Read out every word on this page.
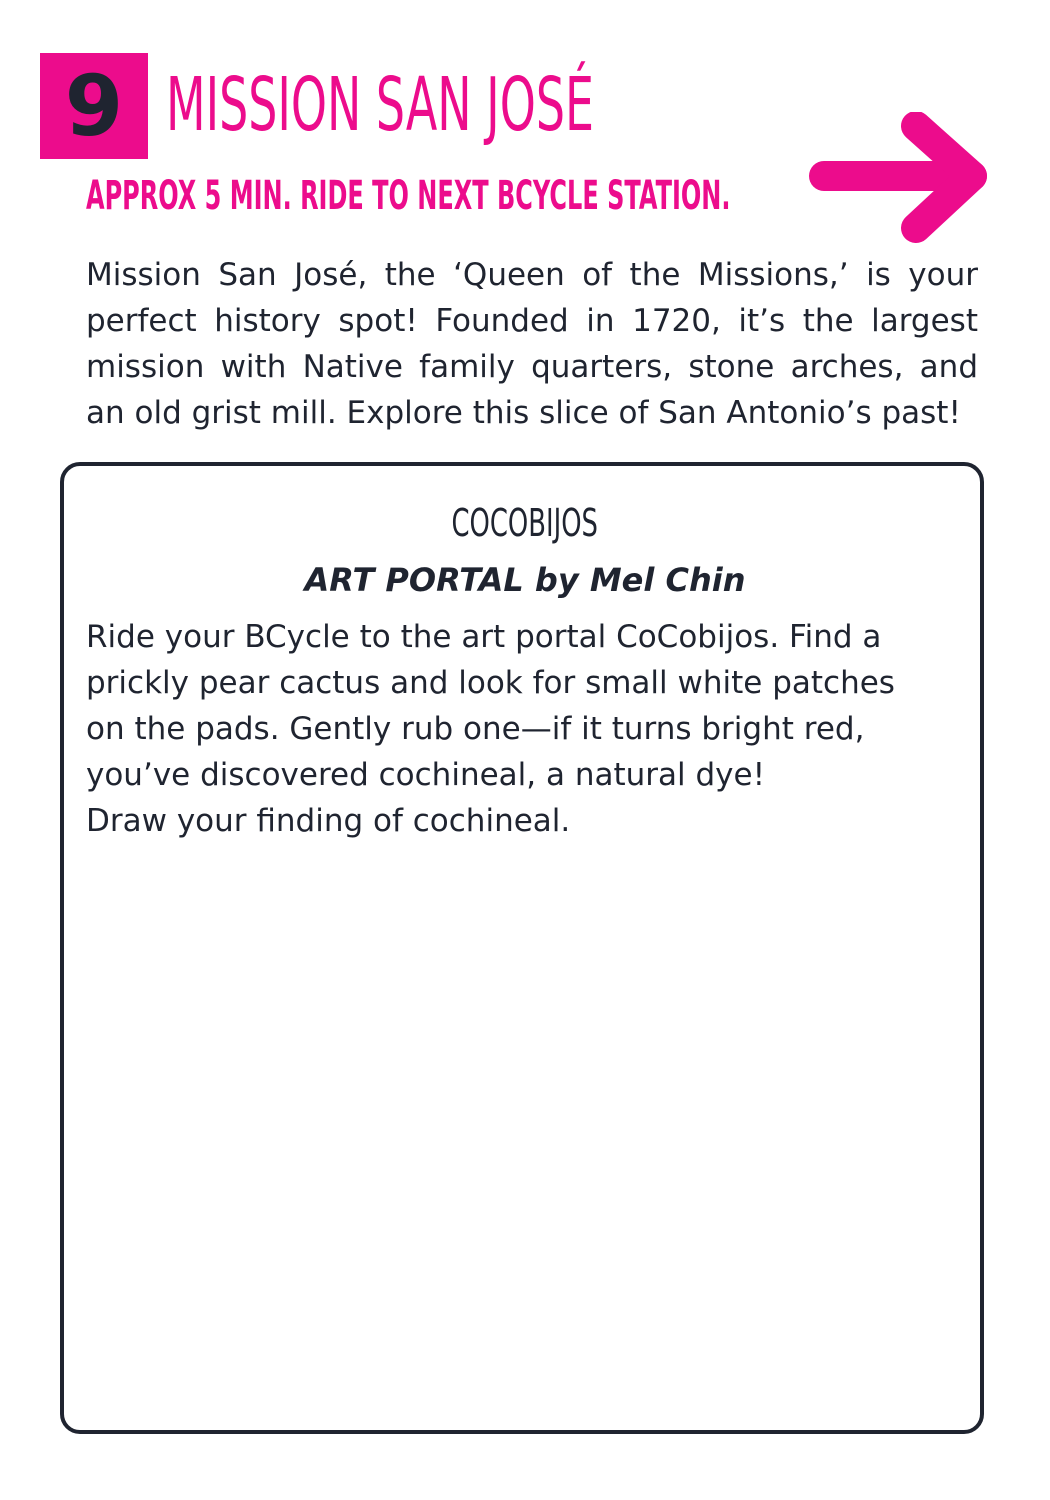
9 MISSION SAN JOSÉ
APPROX 5 MIN. RIDE TO NEXT BCYCLE STATION.

Mission San José, the ‘Queen of the Missions,’ is your perfect history spot! Founded in 1720, it’s the largest mission with Native family quarters, stone arches, and an old grist mill. Explore this slice of San Antonio’s past!

COCOBIJOS
ART PORTAL by Mel Chin

Ride your BCycle to the art portal CoCobijos. Find a
prickly pear cactus and look for small white patches
on the pads. Gently rub one—if it turns bright red,
you’ve discovered cochineal, a natural dye!
Draw your finding of cochineal.
